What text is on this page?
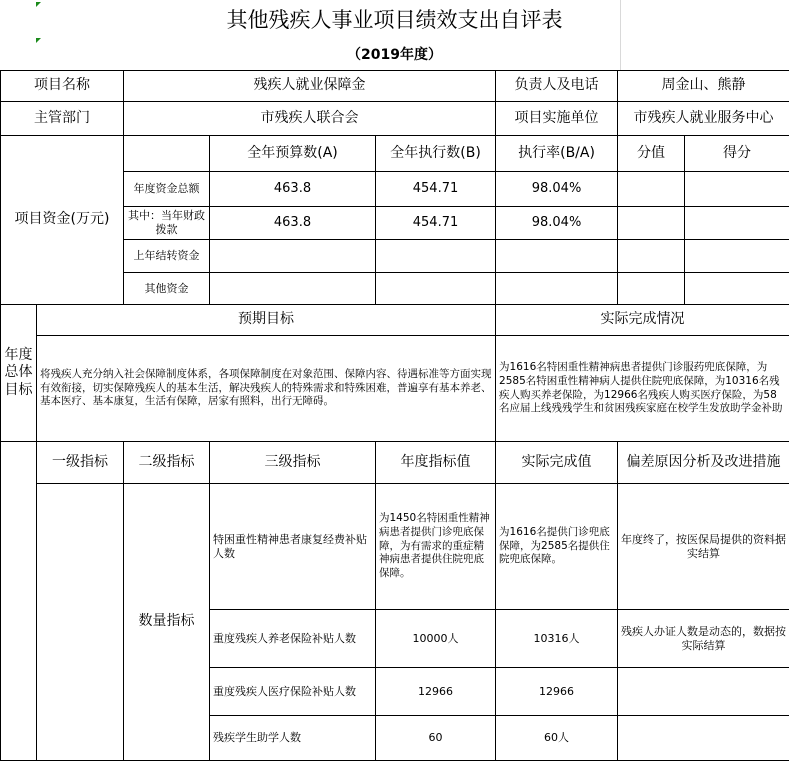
其他残疾人事业项目绩效支出自评表
（2019年度）
项目名称		残疾人就业保障金			负责人及电话	周金山、熊静	
主管部门		市残疾人联合会			项目实施单位	市残疾人就业服务中心	
项目资金(万元)			全年预算数(A)	全年执行数(B)	执行率(B/A)	分值	得分
		年度资金总额	463.8	454.71	98.04%		
		其中：当年财政拨款	463.8	454.71	98.04%		
		上年结转资金					
		其他资金					
年度总体目标	预期目标				实际完成情况		
	将残疾人充分纳入社会保障制度体系，各项保障制度在对象范围、保障内容、待遇标准等方面实现有效衔接，切实保障残疾人的基本生活，解决残疾人的特殊需求和特殊困难，普遍享有基本养老、基本医疗、基本康复，生活有保障，居家有照料，出行无障碍。				为1616名特困重性精神病患者提供门诊服药兜底保障，为2585名特困重性精神病人提供住院兜底保障，为10316名残疾人购买养老保险，为12966名残疾人购买医疗保险，为58名应届上线残残学生和贫困残疾家庭在校学生发放助学金补助		
	一级指标	二级指标	三级指标	年度指标值	实际完成值	偏差原因分析及改进措施	
		数量指标	特困重性精神患者康复经费补贴人数	为1450名特困重性精神病患者提供门诊兜底保障，为有需求的重症精神病患者提供住院兜底保障。	为1616名提供门诊兜底保障，为2585名提供住院兜底保障。	年度终了，按医保局提供的资料据实结算	
			重度残疾人养老保险补贴人数	10000人	10316人	残疾人办证人数是动态的，数据按实际结算	
			重度残疾人医疗保险补贴人数	12966	12966		
			残疾学生助学人数	60	60人		
